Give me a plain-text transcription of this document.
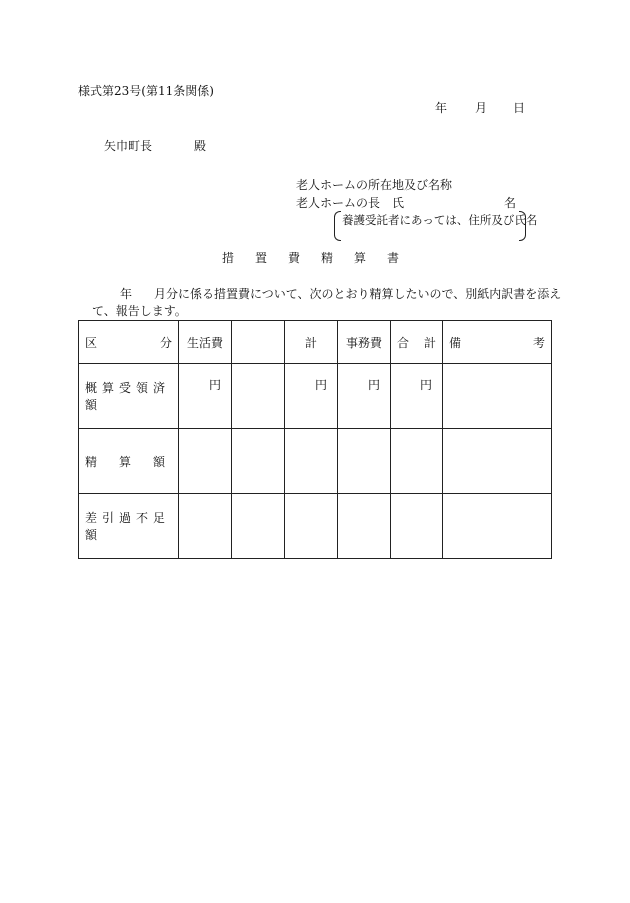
様式第23号(第11条関係)
年 月 日
矢巾町長	殿
老人ホームの所在地及び名称
老人ホームの長　氏	名
養護受託者にあっては、住所及び氏名
措 置 費 精 算 書
年 月分に係る措置費について、次のとおり精算したいので、別紙内訳書を添えて、報告します。
区 分	生活費		計	事務費	合 計	備 考

概算受領済額	円		円	円	円	
精　算　額						
差引過不足額						
